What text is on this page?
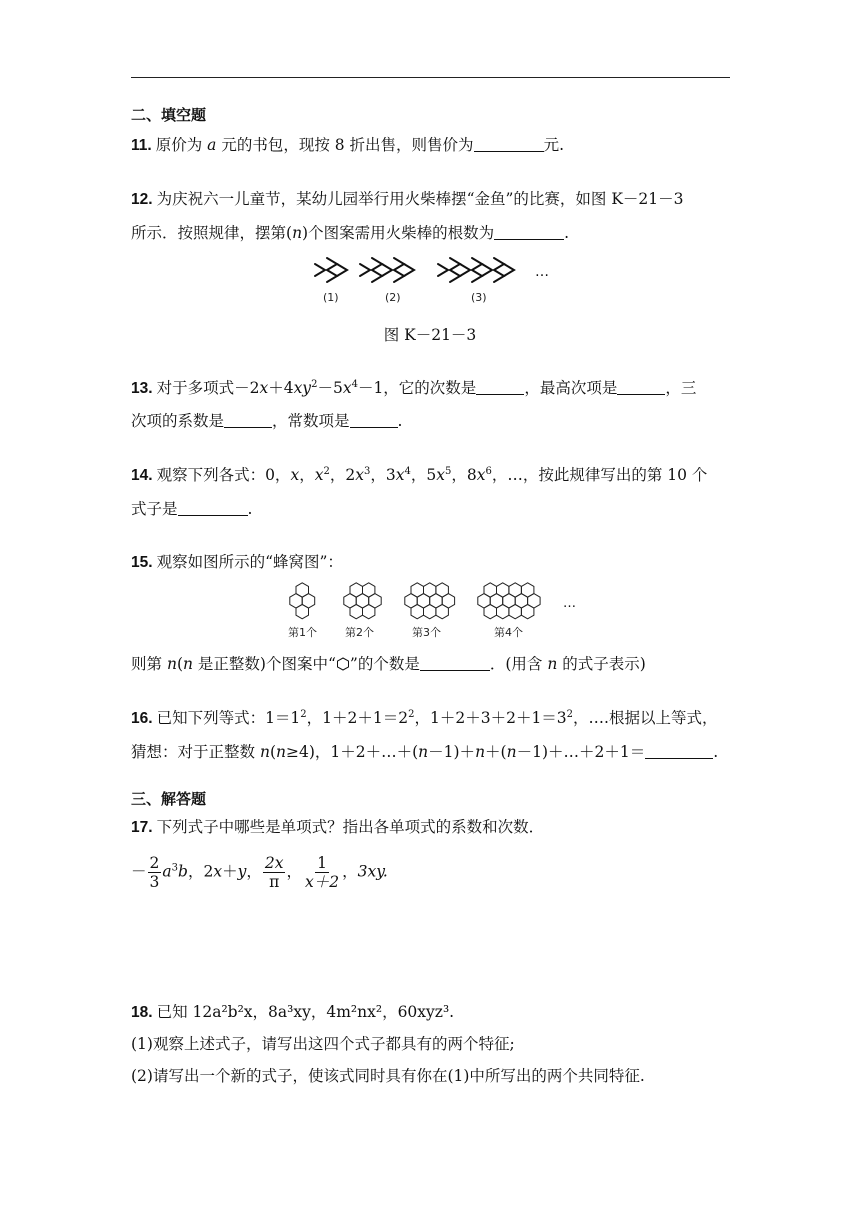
二、填空题
11. 原价为 a 元的书包，现按 8 折出售，则售价为	元.
12. 为庆祝六一儿童节，某幼儿园举行用火柴棒摆“金鱼”的比赛，如图 K－21－3
所示．按照规律，摆第(n)个图案需用火柴棒的根数为	.
…
(1)	(2)	(3)
图 K－21－3
13. 对于多项式$-2x+4xy^2-5x^4-1$，它的次数是	，最高次项是	，三
次项的系数是	，常数项是	.
14. 观察下列各式：0，x，$x^2$，$2x^3$，$3x^4$，$5x^5$，$8x^6$，…，按此规律写出的第 10 个
式子是	.
15. 观察如图所示的“蜂窝图”：
…
第1个	第2个	第3个	第4个
则第 n(n 是正整数)个图案中“ ”的个数是	．(用含 n 的式子表示)
16. 已知下列等式：$1=1^2$，$1+2+1=2^2$，$1+2+3+2+1=3^2$，….根据以上等式，
猜想：对于正整数 n(n≥4)，1＋2＋…＋(n－1)＋n＋(n－1)＋…＋2＋1＝	.
三、解答题
17. 下列式子中哪些是单项式？指出各单项式的系数和次数．
－ $\frac{2}{3} a^3b$，2x＋y， $\frac{2x}{\pi}$ ， $\frac{1}{x+2}$ ，3xy.
18. 已知 12a²b²x，8a³xy，4m²nx²，60xyz³.
(1)观察上述式子，请写出这四个式子都具有的两个特征;
(2)请写出一个新的式子，使该式同时具有你在(1)中所写出的两个共同特征.
